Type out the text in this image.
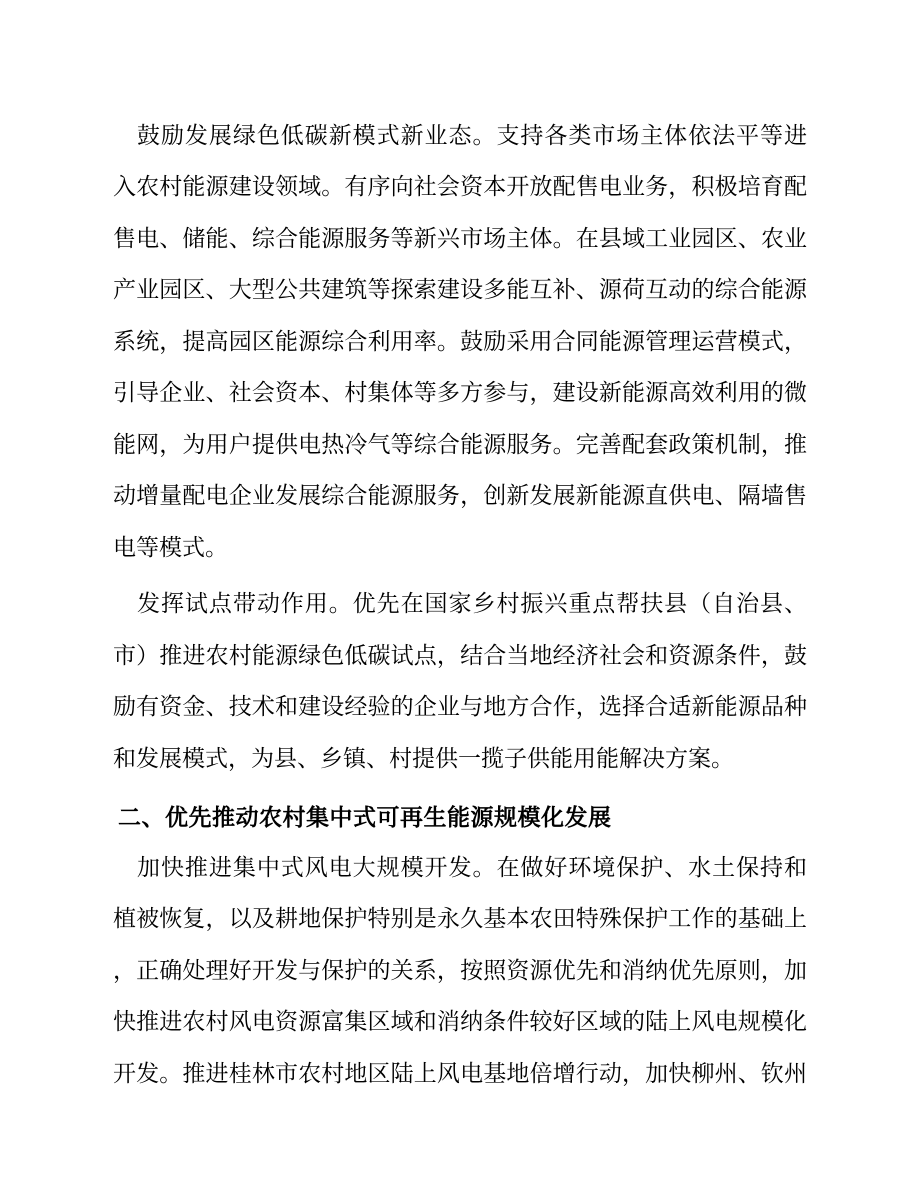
鼓励发展绿色低碳新模式新业态。支持各类市场主体依法平等进
入农村能源建设领域。有序向社会资本开放配售电业务，积极培育配
售电、储能、综合能源服务等新兴市场主体。在县域工业园区、农业
产业园区、大型公共建筑等探索建设多能互补、源荷互动的综合能源
系统，提高园区能源综合利用率。鼓励采用合同能源管理运营模式，
引导企业、社会资本、村集体等多方参与，建设新能源高效利用的微
能网，为用户提供电热冷气等综合能源服务。完善配套政策机制，推
动增量配电企业发展综合能源服务，创新发展新能源直供电、隔墙售
电等模式。
发挥试点带动作用。优先在国家乡村振兴重点帮扶县（自治县、
市）推进农村能源绿色低碳试点，结合当地经济社会和资源条件，鼓
励有资金、技术和建设经验的企业与地方合作，选择合适新能源品种
和发展模式，为县、乡镇、村提供一揽子供能用能解决方案。
二、优先推动农村集中式可再生能源规模化发展
加快推进集中式风电大规模开发。在做好环境保护、水土保持和
植被恢复，以及耕地保护特别是永久基本农田特殊保护工作的基础上
，正确处理好开发与保护的关系，按照资源优先和消纳优先原则，加
快推进农村风电资源富集区域和消纳条件较好区域的陆上风电规模化
开发。推进桂林市农村地区陆上风电基地倍增行动，加快柳州、钦州
